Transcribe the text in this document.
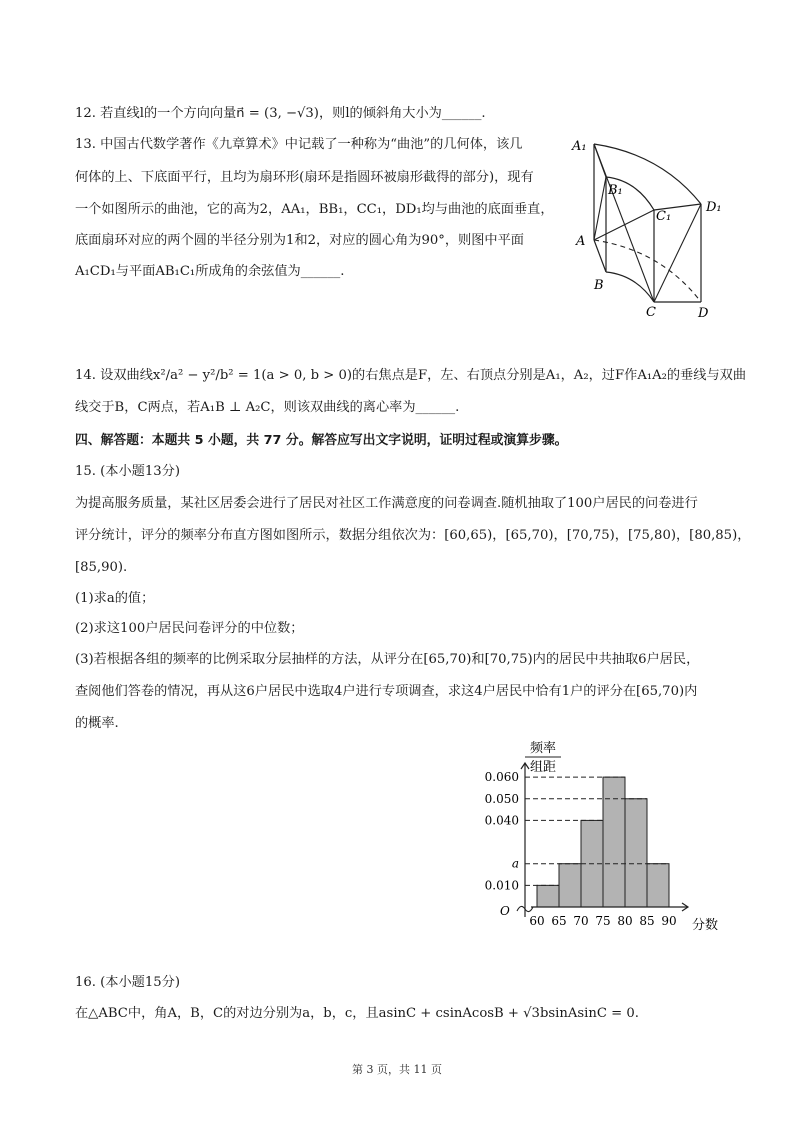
12. 若直线l的一个方向向量n⃗ = (3, −√3)，则l的倾斜角大小为______.
13. 中国古代数学著作《九章算术》中记载了一种称为“曲池”的几何体，该几
何体的上、下底面平行，且均为扇环形(扇环是指圆环被扇形截得的部分)，现有
一个如图所示的曲池，它的高为2，AA₁，BB₁，CC₁，DD₁均与曲池的底面垂直，
底面扇环对应的两个圆的半径分别为1和2，对应的圆心角为90°，则图中平面
A₁CD₁与平面AB₁C₁所成角的余弦值为______.
A₁
B₁
C₁
D₁
A
B
C	D
14. 设双曲线x²/a² − y²/b² = 1(a > 0, b > 0)的右焦点是F，左、右顶点分别是A₁，A₂，过F作A₁A₂的垂线与双曲
线交于B，C两点，若A₁B ⊥ A₂C，则该双曲线的离心率为______.
四、解答题：本题共 5 小题，共 77 分。解答应写出文字说明，证明过程或演算步骤。
15. (本小题13分)
为提高服务质量，某社区居委会进行了居民对社区工作满意度的问卷调查.随机抽取了100户居民的问卷进行
评分统计，评分的频率分布直方图如图所示，数据分组依次为：[60,65)，[65,70)，[70,75)，[75,80)，[80,85)，
[85,90).
(1)求a的值；
(2)求这100户居民问卷评分的中位数；
(3)若根据各组的频率的比例采取分层抽样的方法，从评分在[65,70)和[70,75)内的居民中共抽取6户居民，
查阅他们答卷的情况，再从这6户居民中选取4户进行专项调查，求这4户居民中恰有1户的评分在[65,70)内
的概率.
频率
组距
O
分数
0.010
a
0.040
0.050
0.060
60 65 70 75 80 85 90
16. (本小题15分)
在△ABC中，角A，B，C的对边分别为a，b，c，且asinC + csinAcosB + √3bsinAsinC = 0.
第 3 页，共 11 页
